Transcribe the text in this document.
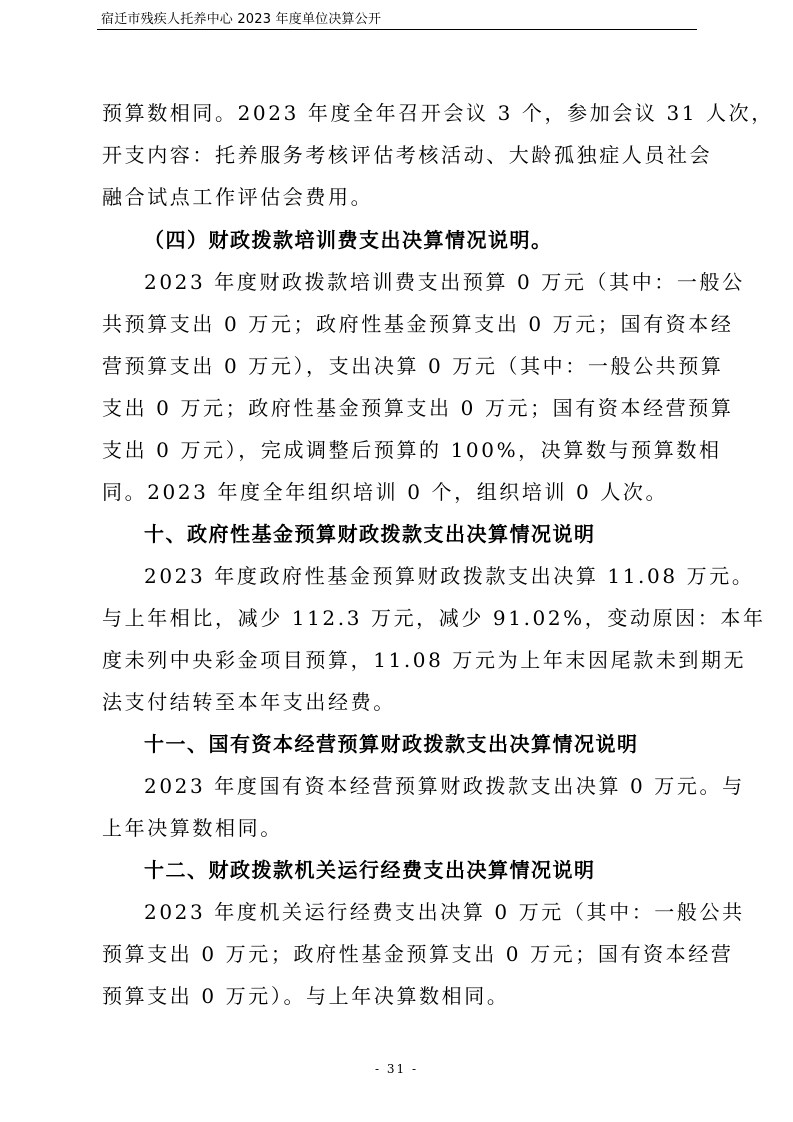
宿迁市残疾人托养中心 2023 年度单位决算公开
预算数相同。2023 年度全年召开会议 3 个，参加会议 31 人次，
开支内容：托养服务考核评估考核活动、大龄孤独症人员社会
融合试点工作评估会费用。
（四）财政拨款培训费支出决算情况说明。
2023 年度财政拨款培训费支出预算 0 万元（其中：一般公
共预算支出 0 万元；政府性基金预算支出 0 万元；国有资本经
营预算支出 0 万元），支出决算 0 万元（其中：一般公共预算
支出 0 万元；政府性基金预算支出 0 万元；国有资本经营预算
支出 0 万元），完成调整后预算的 100%，决算数与预算数相
同。2023 年度全年组织培训 0 个，组织培训 0 人次。
十、政府性基金预算财政拨款支出决算情况说明
2023 年度政府性基金预算财政拨款支出决算 11.08 万元。
与上年相比，减少 112.3 万元，减少 91.02%，变动原因：本年
度未列中央彩金项目预算，11.08 万元为上年末因尾款未到期无
法支付结转至本年支出经费。
十一、国有资本经营预算财政拨款支出决算情况说明
2023 年度国有资本经营预算财政拨款支出决算 0 万元。与
上年决算数相同。
十二、财政拨款机关运行经费支出决算情况说明
2023 年度机关运行经费支出决算 0 万元（其中：一般公共
预算支出 0 万元；政府性基金预算支出 0 万元；国有资本经营
预算支出 0 万元）。与上年决算数相同。
- 31 -
